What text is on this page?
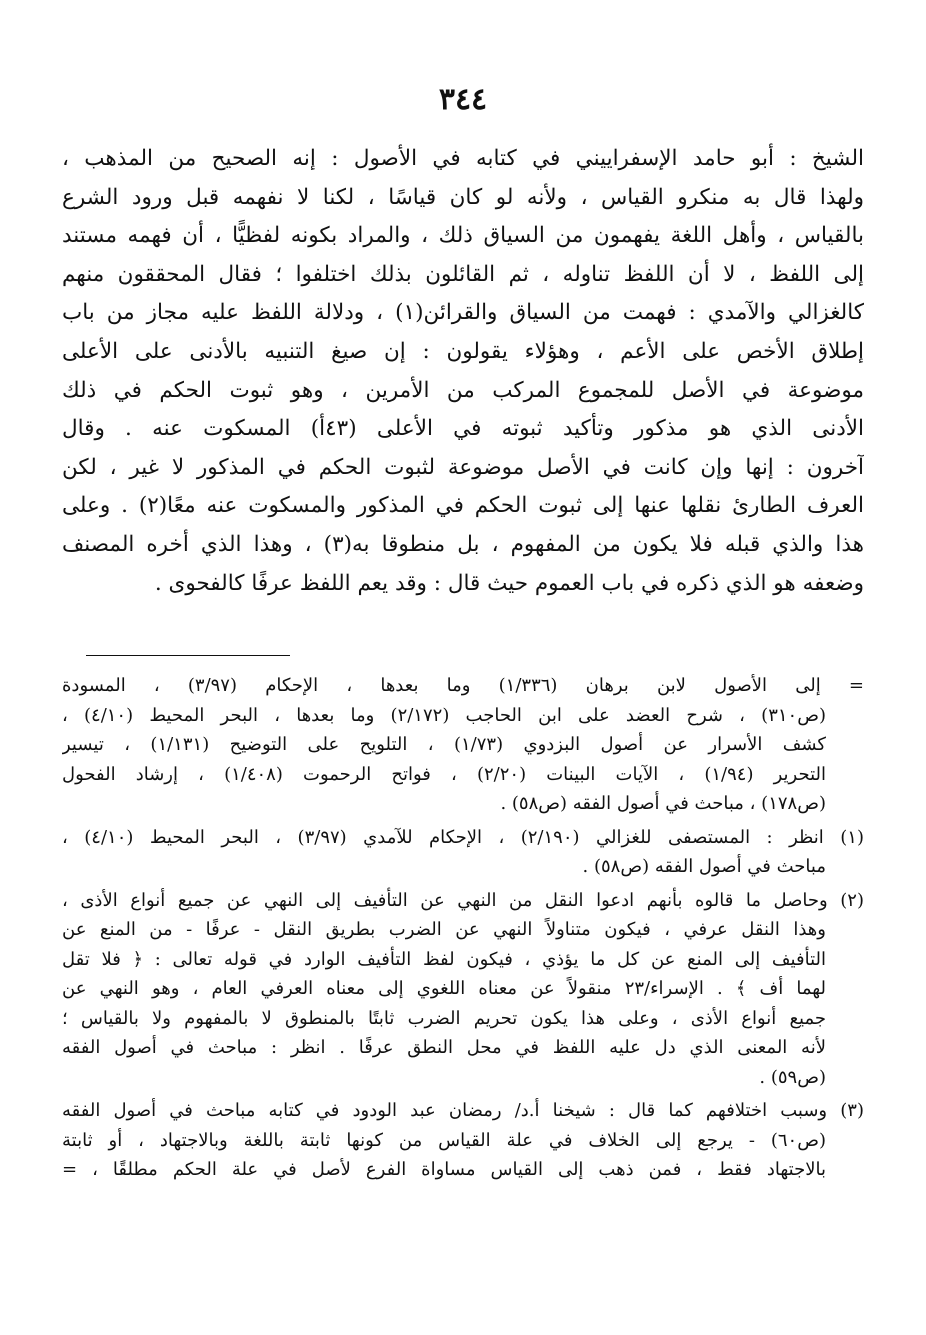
٣٤٤
الشيخ : أبو حامد الإسفراييني في كتابه في الأصول : إنه الصحيح من المذهب ،
ولهذا قال به منكرو القياس ، ولأنه لو كان قياسًا ، لكنا لا نفهمه قبل ورود الشرع
بالقياس ، وأهل اللغة يفهمون من السياق ذلك ، والمراد بكونه لفظيًّا ، أن فهمه مستند
إلى اللفظ ، لا أن اللفظ تناوله ، ثم القائلون بذلك اختلفوا ؛ فقال المحققون منهم
كالغزالي والآمدي : فهمت من السياق والقرائن(١) ، ودلالة اللفظ عليه مجاز من باب
إطلاق الأخص على الأعم ، وهؤلاء يقولون : إن صيغ التنبيه بالأدنى على الأعلى
موضوعة في الأصل للمجموع المركب من الأمرين ، وهو ثبوت الحكم في ذلك
الأدنى الذي هو مذكور وتأكيد ثبوته في الأعلى (٤٣أ) المسكوت عنه . وقال
آخرون : إنها وإن كانت في الأصل موضوعة لثبوت الحكم في المذكور لا غير ، لكن
العرف الطارئ نقلها عنها إلى ثبوت الحكم في المذكور والمسكوت عنه معًا(٢) . وعلى
هذا والذي قبله فلا يكون من المفهوم ، بل منطوقا به(٣) ، وهذا الذي أخره المصنف
وضعفه هو الذي ذكره في باب العموم حيث قال : وقد يعم اللفظ عرفًا كالفحوى .
= إلى الأصول لابن برهان (١/٣٣٦) وما بعدها ، الإحكام (٣/٩٧) ، المسودة
(ص٣١٠) ، شرح العضد على ابن الحاجب (٢/١٧٢) وما بعدها ، البحر المحيط (٤/١٠) ،
كشف الأسرار عن أصول البزدوي (١/٧٣) ، التلويح على التوضيح (١/١٣١) ، تيسير
التحرير (١/٩٤) ، الآيات البينات (٢/٢٠) ، فواتح الرحموت (١/٤٠٨) ، إرشاد الفحول
(ص١٧٨) ، مباحث في أصول الفقه (ص٥٨) .
(١) انظر : المستصفى للغزالي (٢/١٩٠) ، الإحكام للآمدي (٣/٩٧) ، البحر المحيط (٤/١٠) ،
مباحث في أصول الفقه (ص٥٨) .
(٢) وحاصل ما قالوه بأنهم ادعوا النقل من النهي عن التأفيف إلى النهي عن جميع أنواع الأذى ،
وهذا النقل عرفي ، فيكون متناولاً النهي عن الضرب بطريق النقل - عرفًا - من المنع عن
التأفيف إلى المنع عن كل ما يؤذي ، فيكون لفظ التأفيف الوارد في قوله تعالى : ﴿ فلا تقل
لهما أف ﴾ . الإسراء/٢٣ منقولاً عن معناه اللغوي إلى معناه العرفي العام ، وهو النهي عن
جميع أنواع الأذى ، وعلى هذا يكون تحريم الضرب ثابتًا بالمنطوق لا بالمفهوم ولا بالقياس ؛
لأنه المعنى الذي دل عليه اللفظ في محل النطق عرفًا . انظر : مباحث في أصول الفقه
(ص٥٩) .
(٣) وسبب اختلافهم كما قال : شيخنا أ.د/ رمضان عبد الودود في كتابه مباحث في أصول الفقه
(ص٦٠) - يرجع إلى الخلاف في علة القياس من كونها ثابتة باللغة وبالاجتهاد ، أو ثابتة
بالاجتهاد فقط ، فمن ذهب إلى القياس مساواة الفرع لأصل في علة الحكم مطلقًا ، =
